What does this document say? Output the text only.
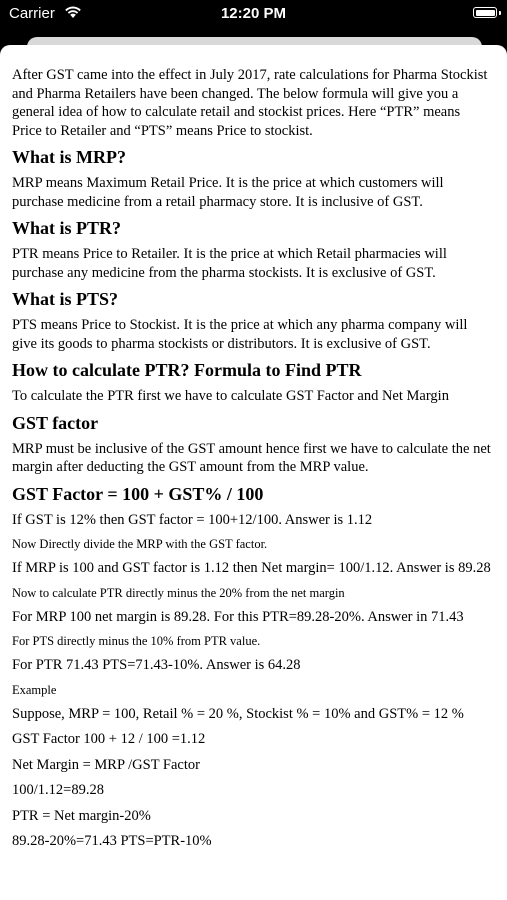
Carrier	12:20 PM

After GST came into the effect in July 2017, rate calculations for Pharma Stockist and Pharma Retailers have been changed. The below formula will give you a general idea of how to calculate retail and stockist prices. Here “PTR” means Price to Retailer and “PTS” means Price to stockist.

What is MRP?

MRP means Maximum Retail Price. It is the price at which customers will purchase medicine from a retail pharmacy store. It is inclusive of GST.

What is PTR?

PTR means Price to Retailer. It is the price at which Retail pharmacies will purchase any medicine from the pharma stockists. It is exclusive of GST.

What is PTS?

PTS means Price to Stockist. It is the price at which any pharma company will give its goods to pharma stockists or distributors. It is exclusive of GST.

How to calculate PTR? Formula to Find PTR

To calculate the PTR first we have to calculate GST Factor and Net Margin

GST factor

MRP must be inclusive of the GST amount hence first we have to calculate the net margin after deducting the GST amount from the MRP value.

GST Factor = 100 + GST% / 100

If GST is 12% then GST factor = 100+12/100. Answer is 1.12

Now Directly divide the MRP with the GST factor.

If MRP is 100 and GST factor is 1.12 then Net margin= 100/1.12. Answer is 89.28

Now to calculate PTR directly minus the 20% from the net margin

For MRP 100 net margin is 89.28. For this PTR=89.28-20%. Answer in 71.43

For PTS directly minus the 10% from PTR value.

For PTR 71.43 PTS=71.43-10%. Answer is 64.28

Example

Suppose, MRP = 100, Retail % = 20 %, Stockist % = 10% and GST% = 12 %

GST Factor 100 + 12 / 100 =1.12

Net Margin = MRP /GST Factor

100/1.12=89.28

PTR = Net margin-20%

89.28-20%=71.43 PTS=PTR-10%
